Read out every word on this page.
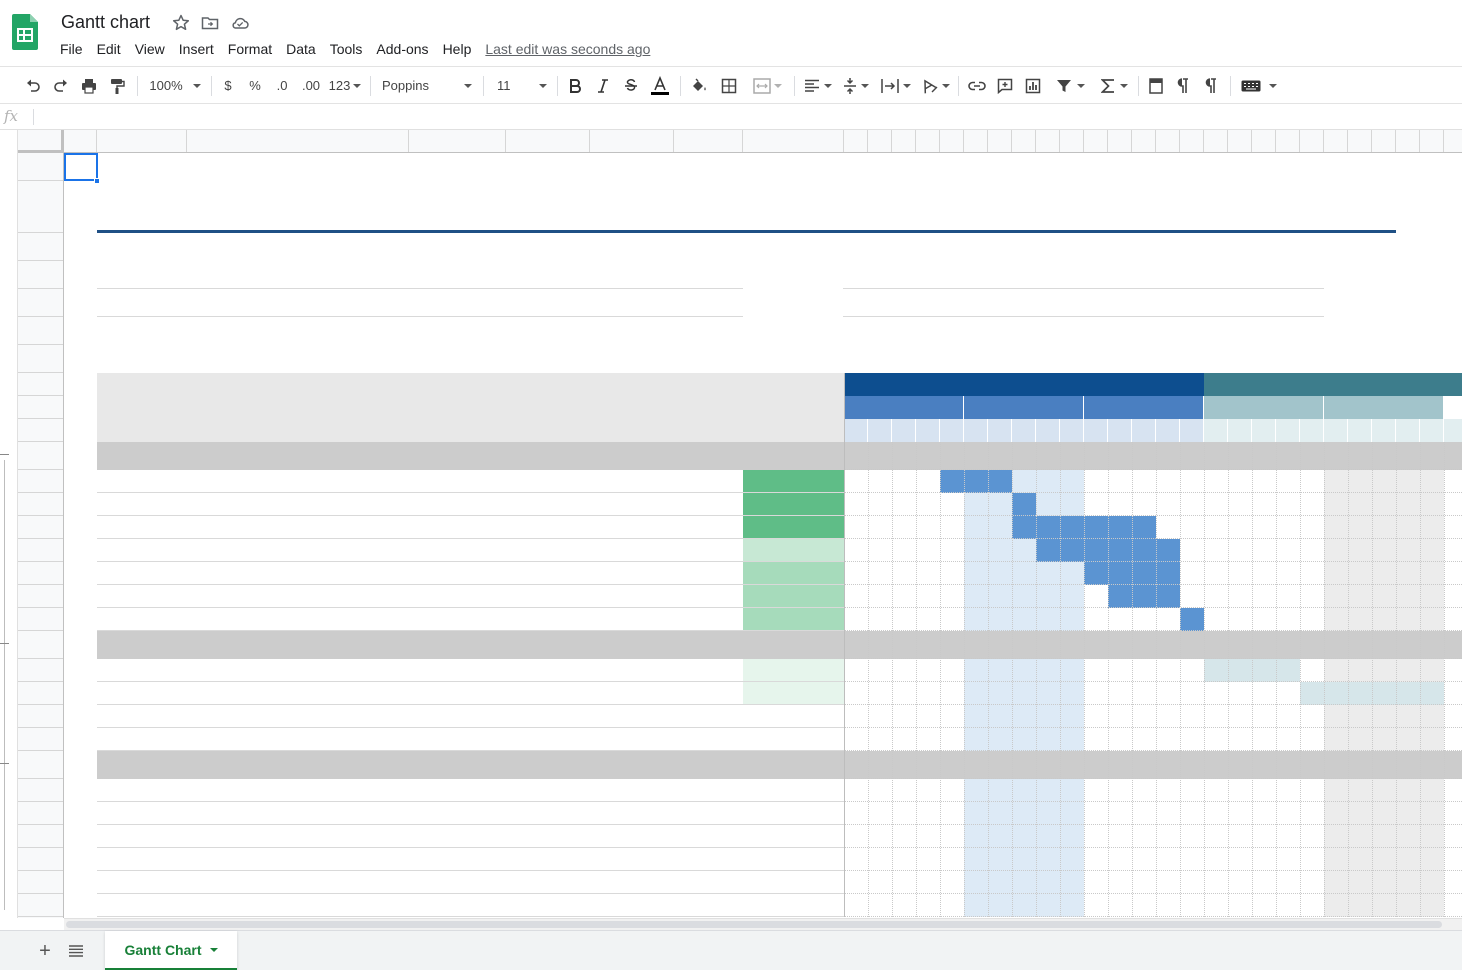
Gantt chart
File	Edit	View	Insert	Format	Data	Tools	Add-ons	Help	Last edit was seconds ago
100%	$ % .0 .00 123 Poppins	11
fx
+	Gantt Chart
